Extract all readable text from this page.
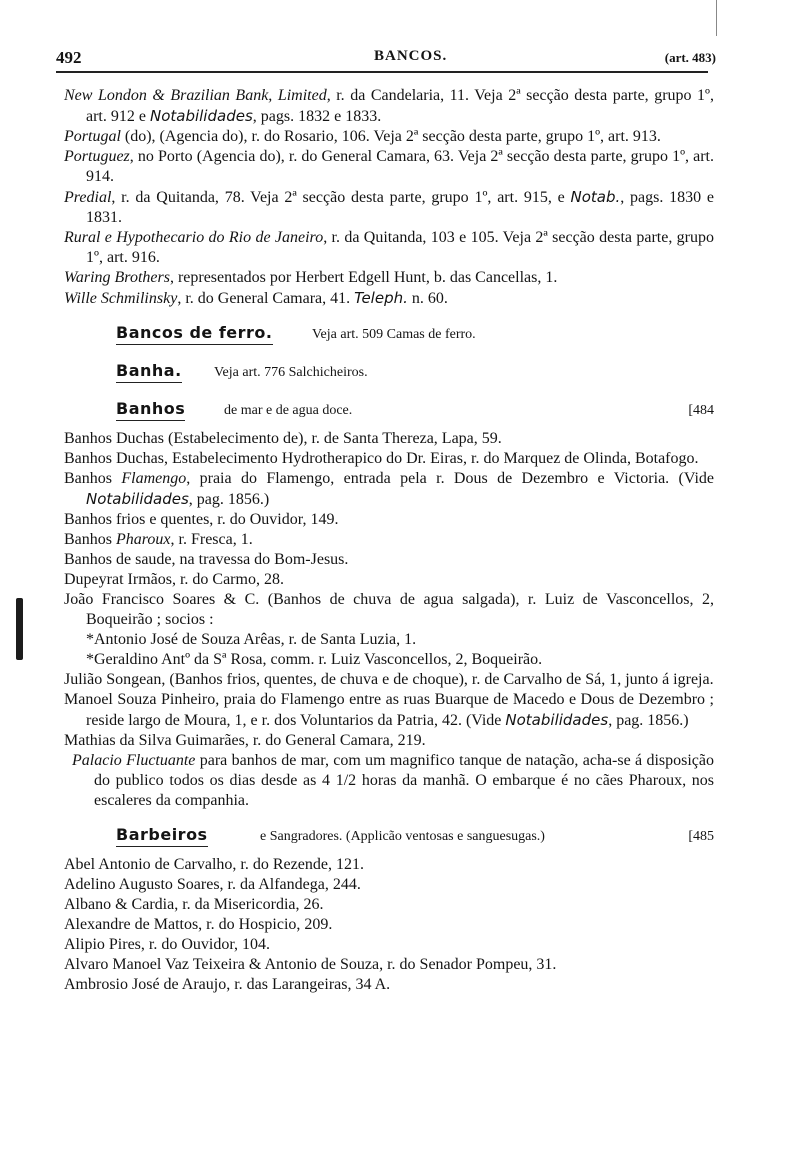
492	BANCOS.	(art. 483)

New London & Brazilian Bank, Limited, r. da Candelaria, 11. Veja 2ª secção desta parte, grupo 1º, art. 912 e Notabilidades, pags. 1832 e 1833.

Portugal (do), (Agencia do), r. do Rosario, 106. Veja 2ª secção desta parte, grupo 1º, art. 913.

Portuguez, no Porto (Agencia do), r. do General Camara, 63. Veja 2ª secção desta parte, grupo 1º, art. 914.

Predial, r. da Quitanda, 78. Veja 2ª secção desta parte, grupo 1º, art. 915, e Notab., pags. 1830 e 1831.

Rural e Hypothecario do Rio de Janeiro, r. da Quitanda, 103 e 105. Veja 2ª secção desta parte, grupo 1º, art. 916.

Waring Brothers, representados por Herbert Edgell Hunt, b. das Cancellas, 1.

Wille Schmilinsky, r. do General Camara, 41. Teleph. n. 60.

Bancos de ferro.	Veja art. 509 Camas de ferro.
Banha. Veja art. 776 Salchicheiros.
Banhos	de mar e de agua doce.	[484

Banhos Duchas (Estabelecimento de), r. de Santa Thereza, Lapa, 59.

Banhos Duchas, Estabelecimento Hydrotherapico do Dr. Eiras, r. do Marquez de Olinda, Botafogo.

Banhos Flamengo, praia do Flamengo, entrada pela r. Dous de Dezembro e Victoria. (Vide Notabilidades, pag. 1856.)

Banhos frios e quentes, r. do Ouvidor, 149.

Banhos Pharoux, r. Fresca, 1.

Banhos de saude, na travessa do Bom-Jesus.

Dupeyrat Irmãos, r. do Carmo, 28.

João Francisco Soares & C. (Banhos de chuva de agua salgada), r. Luiz de Vasconcellos, 2, Boqueirão ; socios :

*Antonio José de Souza Arêas, r. de Santa Luzia, 1.

*Geraldino Antº da Sª Rosa, comm. r. Luiz Vasconcellos, 2, Boqueirão.

Julião Songean, (Banhos frios, quentes, de chuva e de choque), r. de Carvalho de Sá, 1, junto á igreja.

Manoel Souza Pinheiro, praia do Flamengo entre as ruas Buarque de Macedo e Dous de Dezembro ; reside largo de Moura, 1, e r. dos Voluntarios da Patria, 42. (Vide Notabilidades, pag. 1856.)

Mathias da Silva Guimarães, r. do General Camara, 219.

Palacio Fluctuante para banhos de mar, com um magnifico tanque de natação, acha-se á disposição do publico todos os dias desde as 4 1/2 horas da manhã. O embarque é no cães Pharoux, nos escaleres da companhia.

Barbeiros	e Sangradores. (Applicão ventosas e sanguesugas.)	[485

Abel Antonio de Carvalho, r. do Rezende, 121.

Adelino Augusto Soares, r. da Alfandega, 244.

Albano & Cardia, r. da Misericordia, 26.

Alexandre de Mattos, r. do Hospicio, 209.

Alipio Pires, r. do Ouvidor, 104.

Alvaro Manoel Vaz Teixeira & Antonio de Souza, r. do Senador Pompeu, 31.

Ambrosio José de Araujo, r. das Larangeiras, 34 A.
